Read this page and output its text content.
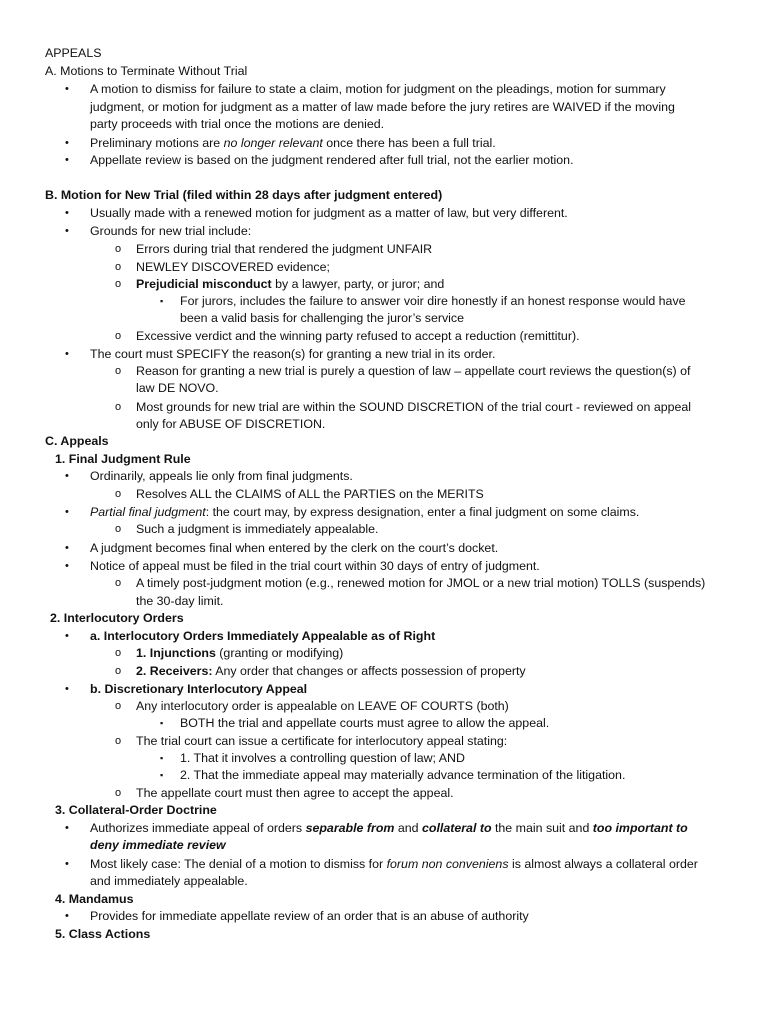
APPEALS
A. Motions to Terminate Without Trial
• A motion to dismiss for failure to state a claim, motion for judgment on the pleadings, motion for summary
judgment, or motion for judgment as a matter of law made before the jury retires are WAIVED if the moving
party proceeds with trial once the motions are denied.
• Preliminary motions are no longer relevant once there has been a full trial.
• Appellate review is based on the judgment rendered after full trial, not the earlier motion.
B. Motion for New Trial (filed within 28 days after judgment entered)
• Usually made with a renewed motion for judgment as a matter of law, but very different.
• Grounds for new trial include:
o Errors during trial that rendered the judgment UNFAIR
o NEWLEY DISCOVERED evidence;
o Prejudicial misconduct by a lawyer, party, or juror; and
▪ For jurors, includes the failure to answer voir dire honestly if an honest response would have
been a valid basis for challenging the juror’s service
o Excessive verdict and the winning party refused to accept a reduction (remittitur).
• The court must SPECIFY the reason(s) for granting a new trial in its order.
o Reason for granting a new trial is purely a question of law – appellate court reviews the question(s) of
law DE NOVO.
o Most grounds for new trial are within the SOUND DISCRETION of the trial court - reviewed on appeal
only for ABUSE OF DISCRETION.
C. Appeals
1. Final Judgment Rule
• Ordinarily, appeals lie only from final judgments.
o Resolves ALL the CLAIMS of ALL the PARTIES on the MERITS
• Partial final judgment: the court may, by express designation, enter a final judgment on some claims.
o Such a judgment is immediately appealable.
• A judgment becomes final when entered by the clerk on the court’s docket.
• Notice of appeal must be filed in the trial court within 30 days of entry of judgment.
o A timely post-judgment motion (e.g., renewed motion for JMOL or a new trial motion) TOLLS (suspends)
the 30-day limit.
2. Interlocutory Orders
• a. Interlocutory Orders Immediately Appealable as of Right
o 1. Injunctions (granting or modifying)
o 2. Receivers: Any order that changes or affects possession of property
• b. Discretionary Interlocutory Appeal
o Any interlocutory order is appealable on LEAVE OF COURTS (both)
▪ BOTH the trial and appellate courts must agree to allow the appeal.
o The trial court can issue a certificate for interlocutory appeal stating:
▪ 1. That it involves a controlling question of law; AND
▪ 2. That the immediate appeal may materially advance termination of the litigation.
o The appellate court must then agree to accept the appeal.
3. Collateral-Order Doctrine
• Authorizes immediate appeal of orders separable from and collateral to the main suit and too important to
deny immediate review
• Most likely case: The denial of a motion to dismiss for forum non conveniens is almost always a collateral order
and immediately appealable.
4. Mandamus
• Provides for immediate appellate review of an order that is an abuse of authority
5. Class Actions
